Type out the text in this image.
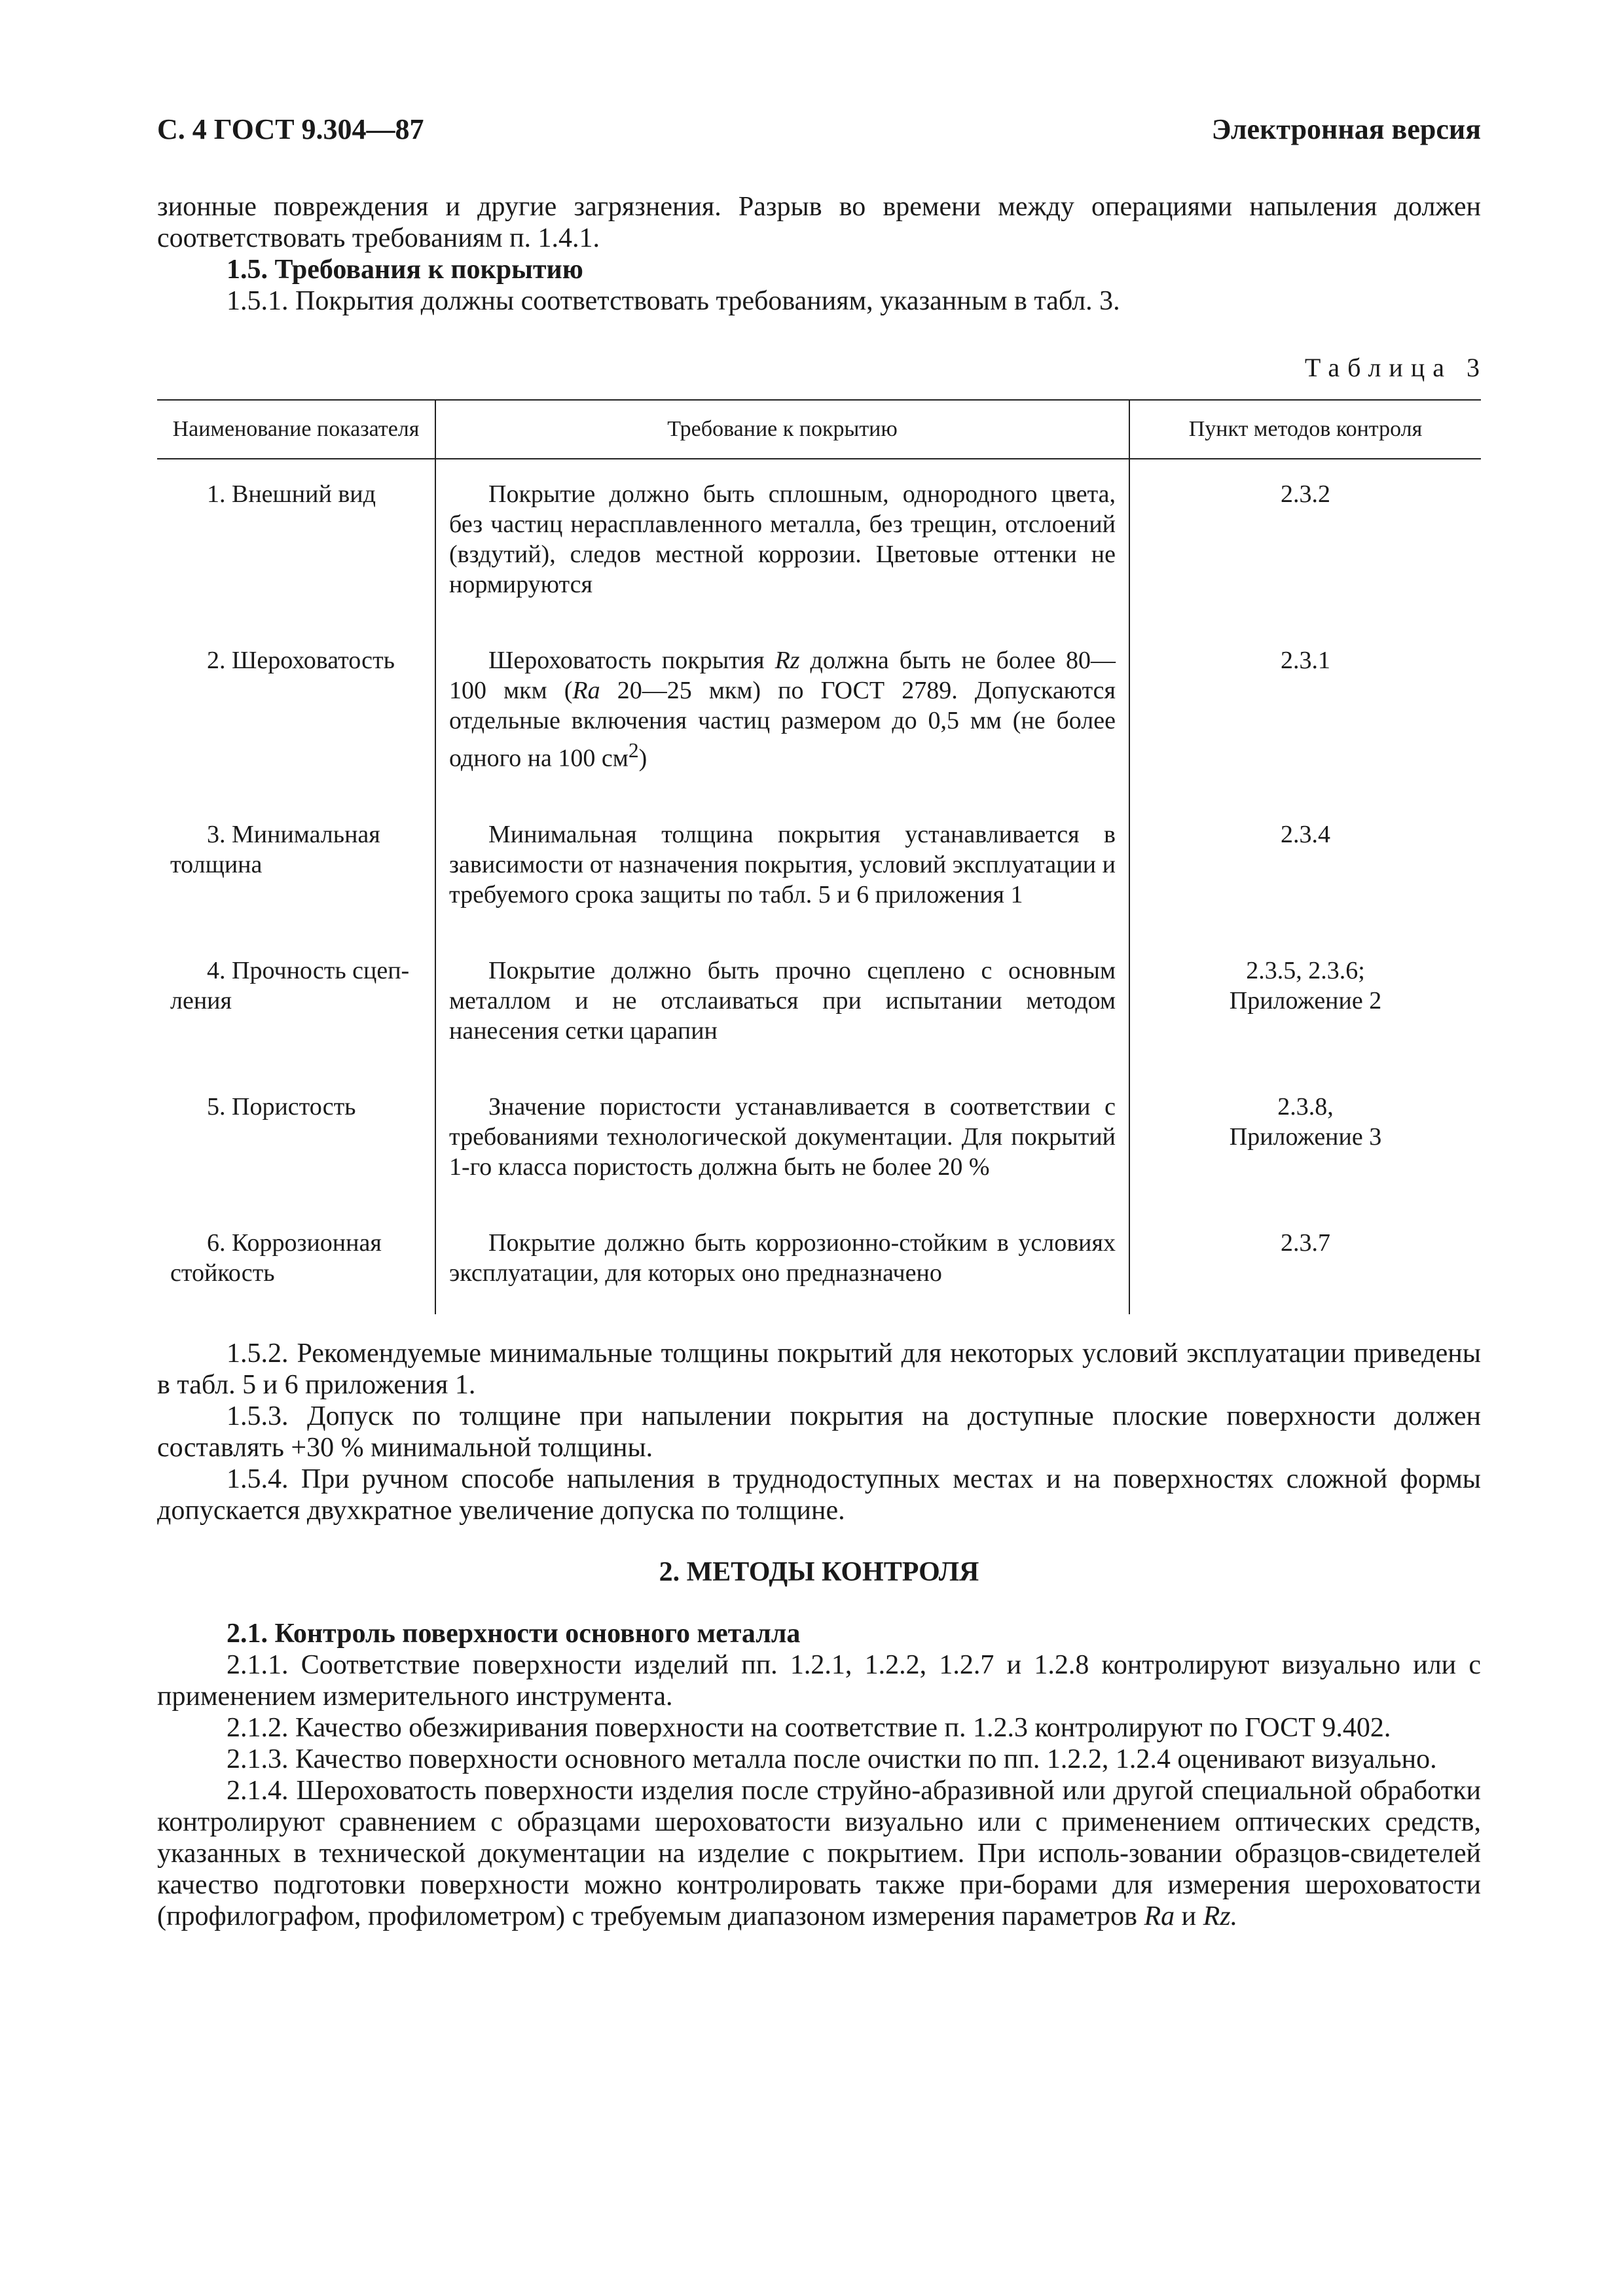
С. 4 ГОСТ 9.304—87	Электронная версия

зионные повреждения и другие загрязнения. Разрыв во времени между операциями напыления должен соответствовать требованиям п. 1.4.1.

1.5. Требования к покрытию

1.5.1. Покрытия должны соответствовать требованиям, указанным в табл. 3.

Таблица 3

Наименование показателя	Требование к покрытию	Пункт методов контроля

1. Внешний вид	Покрытие должно быть сплошным, однородного цвета, без частиц нерасплавленного металла, без трещин, отслоений (вздутий), следов местной коррозии. Цветовые оттенки не нормируются	2.3.2

2. Шероховатость	Шероховатость покрытия Rz должна быть не более 80—100 мкм (Ra 20—25 мкм) по ГОСТ 2789. Допускаются отдельные включения частиц размером до 0,5 мм (не более одного на 100 $см^2$)	2.3.1

3. Минимальная толщина	Минимальная толщина покрытия устанавливается в зависимости от назначения покрытия, условий эксплуатации и требуемого срока защиты по табл. 5 и 6 приложения 1	2.3.4

4. Прочность сцеп-ления	Покрытие должно быть прочно сцеплено с основным металлом и не отслаиваться при испытании методом нанесения сетки царапин	2.3.5, 2.3.6;
Приложение 2

5. Пористость	Значение пористости устанавливается в соответствии с требованиями технологической документации. Для покрытий 1-го класса пористость должна быть не более 20 %	2.3.8,
Приложение 3

6. Коррозионная стойкость	Покрытие должно быть коррозионно-стойким в условиях эксплуатации, для которых оно предназначено	2.3.7

1.5.2. Рекомендуемые минимальные толщины покрытий для некоторых условий эксплуатации приведены в табл. 5 и 6 приложения 1.

1.5.3. Допуск по толщине при напылении покрытия на доступные плоские поверхности должен составлять +30 % минимальной толщины.

1.5.4. При ручном способе напыления в труднодоступных местах и на поверхностях сложной формы допускается двухкратное увеличение допуска по толщине.

2. МЕТОДЫ КОНТРОЛЯ

2.1. Контроль поверхности основного металла

2.1.1. Соответствие поверхности изделий пп. 1.2.1, 1.2.2, 1.2.7 и 1.2.8 контролируют визуально или с применением измерительного инструмента.

2.1.2. Качество обезжиривания поверхности на соответствие п. 1.2.3 контролируют по ГОСТ 9.402.

2.1.3. Качество поверхности основного металла после очистки по пп. 1.2.2, 1.2.4 оценивают визуально.

2.1.4. Шероховатость поверхности изделия после струйно-абразивной или другой специальной обработки контролируют сравнением с образцами шероховатости визуально или с применением оптических средств, указанных в технической документации на изделие с покрытием. При исполь-зовании образцов-свидетелей качество подготовки поверхности можно контролировать также при-борами для измерения шероховатости (профилографом, профилометром) с требуемым диапазоном измерения параметров Ra и Rz.
